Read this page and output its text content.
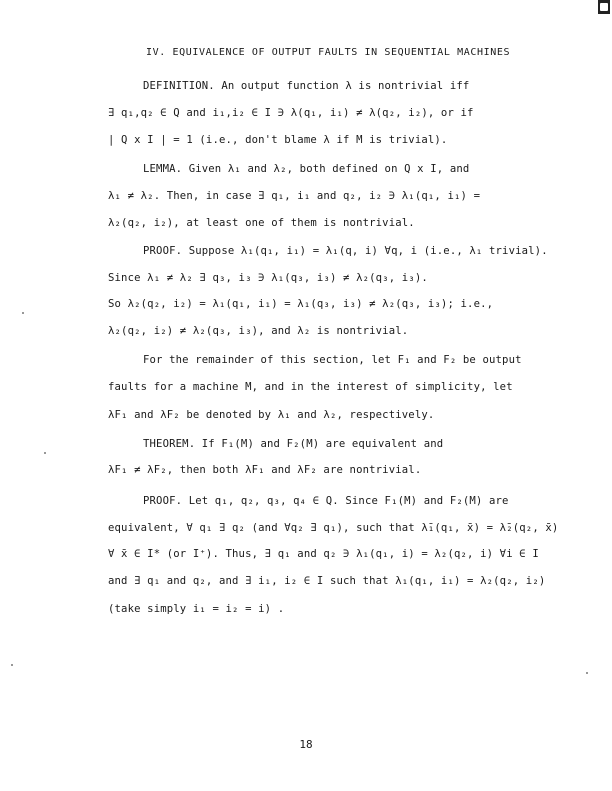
IV. EQUIVALENCE OF OUTPUT FAULTS IN SEQUENTIAL MACHINES
DEFINITION. An output function λ is nontrivial iff
∃ q₁,q₂ ∈ Q and i₁,i₂ ∈ I ∋ λ(q₁, i₁) ≠ λ(q₂, i₂), or if
| Q x I | = 1 (i.e., don't blame λ if M is trivial).
LEMMA. Given λ₁ and λ₂, both defined on Q x I, and
λ₁ ≠ λ₂. Then, in case ∃ q₁, i₁ and q₂, i₂ ∋ λ₁(q₁, i₁) =
λ₂(q₂, i₂), at least one of them is nontrivial.
PROOF. Suppose λ₁(q₁, i₁) = λ₁(q, i) ∀q, i (i.e., λ₁ trivial).
Since λ₁ ≠ λ₂ ∃ q₃, i₃ ∋ λ₁(q₃, i₃) ≠ λ₂(q₃, i₃).
So λ₂(q₂, i₂) = λ₁(q₁, i₁) = λ₁(q₃, i₃) ≠ λ₂(q₃, i₃); i.e.,
λ₂(q₂, i₂) ≠ λ₂(q₃, i₃), and λ₂ is nontrivial.
For the remainder of this section, let F₁ and F₂ be output
faults for a machine M, and in the interest of simplicity, let
λF₁ and λF₂ be denoted by λ₁ and λ₂, respectively.
THEOREM. If F₁(M) and F₂(M) are equivalent and
λF₁ ≠ λF₂, then both λF₁ and λF₂ are nontrivial.
PROOF. Let q₁, q₂, q₃, q₄ ∈ Q. Since F₁(M) and F₂(M) are
equivalent, ∀ q₁ ∃ q₂ (and ∀q₂ ∃ q₁), such that λ̄₁(q₁, x̄) = λ̄₂(q₂, x̄)
∀ x̄ ∈ I* (or I⁺). Thus, ∃ q₁ and q₂ ∋ λ₁(q₁, i) = λ₂(q₂, i) ∀i ∈ I
and ∃ q₁ and q₂, and ∃ i₁, i₂ ∈ I such that λ₁(q₁, i₁) = λ₂(q₂, i₂)
(take simply i₁ = i₂ = i) .
18
